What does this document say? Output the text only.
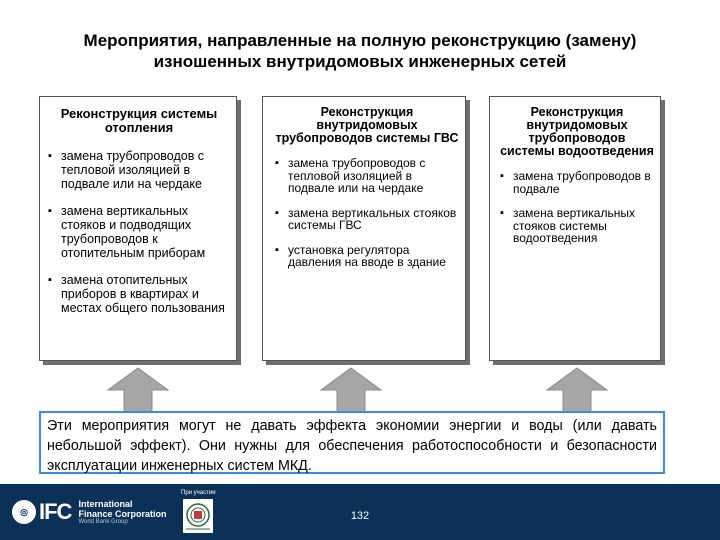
Мероприятия, направленные на полную реконструкцию (замену)
изношенных внутридомовых инженерных сетей
Реконструкция системы отопления
▪ замена трубопроводов с тепловой изоляцией в подвале или на чердаке
▪ замена вертикальных стояков и подводящих трубопроводов к отопительным приборам
▪ замена отопительных приборов в квартирах и местах общего пользования
Реконструкция внутридомовых трубопроводов системы ГВС
▪ замена трубопроводов с тепловой изоляцией в подвале или на чердаке
▪ замена вертикальных стояков системы ГВС
▪ установка регулятора давления на вводе в здание
Реконструкция внутридомовых трубопроводов системы водоотведения
▪ замена трубопроводов в подвале
▪ замена вертикальных стояков системы водоотведения
Эти мероприятия могут не давать эффекта экономии энергии и воды (или давать небольшой эффект). Они нужны для обеспечения работоспособности и безопасности эксплуатации инженерных систем МКД.
◎ IFC International
Finance Corporation
World Bank Group
При участии
132
